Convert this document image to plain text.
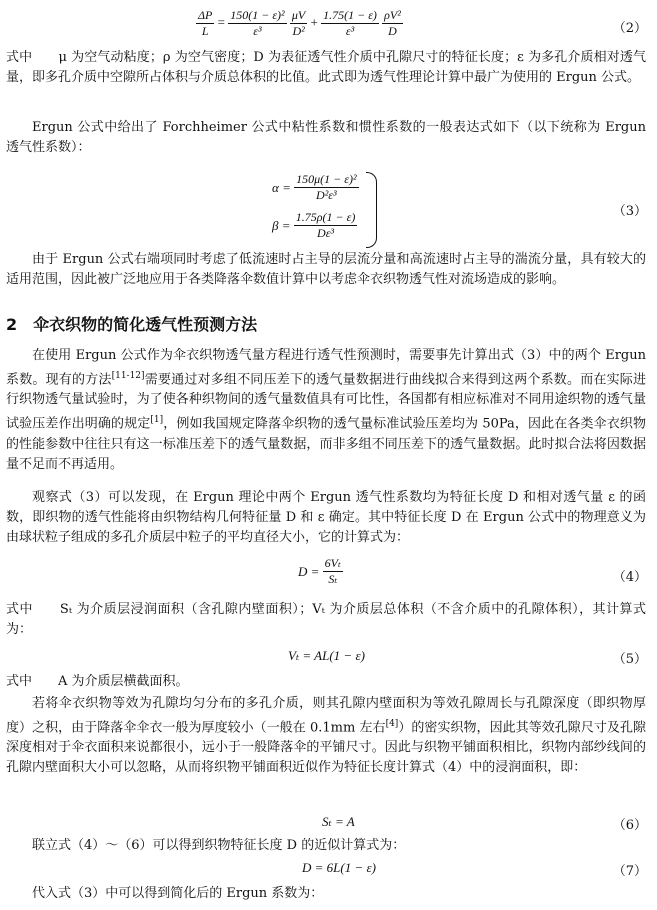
$\frac{\Delta P}{L} = \frac{\text{150(1 − ε)²}}{\text{ε³}}$
$\frac{\mu V}{\text{D²}} + \frac{1.75(1 - \varepsilon)}{\text{ε³}}$
$\frac{\text{ρV²}}{D}$	（2）

式中　　μ 为空气动粘度；ρ 为空气密度；D 为表征透气性介质中孔隙尺寸的特征长度；ε 为多孔介质相对透气量，即多孔介质中空隙所占体积与介质总体积的比值。此式即为透气性理论计算中最广为使用的 Ergun 公式。

Ergun 公式中给出了 Forchheimer 公式中粘性系数和惯性系数的一般表达式如下（以下统称为 Ergun 透气性系数）：

$\alpha = \frac{\text{150μ(1 − ε)²}}{\text{D²ε³}}$
$\beta = \frac{1.75\rho(1 - \varepsilon)}{\text{Dε³}}$	（3）

由于 Ergun 公式右端项同时考虑了低流速时占主导的层流分量和高流速时占主导的湍流分量，具有较大的适用范围，因此被广泛地应用于各类降落伞数值计算中以考虑伞衣织物透气性对流场造成的影响。

2 伞衣织物的简化透气性预测方法

在使用 Ergun 公式作为伞衣织物透气量方程进行透气性预测时，需要事先计算出式（3）中的两个 Ergun 系数。现有的方法[11-12]需要通过对多组不同压差下的透气量数据进行曲线拟合来得到这两个系数。而在实际进行织物透气量试验时，为了使各种织物间的透气量数值具有可比性，各国都有相应标准对不同用途织物的透气量试验压差作出明确的规定[1]，例如我国规定降落伞织物的透气量标准试验压差均为 50Pa，因此在各类伞衣织物的性能参数中往往只有这一标准压差下的透气量数据，而非多组不同压差下的透气量数据。此时拟合法将因数据量不足而不再适用。

观察式（3）可以发现，在 Ergun 理论中两个 Ergun 透气性系数均为特征长度 D 和相对透气量 ε 的函数，即织物的透气性能将由织物结构几何特征量 D 和 ε 确定。其中特征长度 D 在 Ergun 公式中的物理意义为由球状粒子组成的多孔介质层中粒子的平均直径大小，它的计算式为：

$D = \frac{\text{6Vₜ}}{\text{Sₜ}}$	（4）

式中　　Sₜ 为介质层浸润面积（含孔隙内壁面积）；Vₜ 为介质层总体积（不含介质中的孔隙体积），其计算式为：

Vₜ = AL(1 − ε)	（5）

式中　　A 为介质层横截面积。

若将伞衣织物等效为孔隙均匀分布的多孔介质，则其孔隙内壁面积为等效孔隙周长与孔隙深度（即织物厚度）之积，由于降落伞伞衣一般为厚度较小（一般在 0.1mm 左右[4]）的密实织物，因此其等效孔隙尺寸及孔隙深度相对于伞衣面积来说都很小，远小于一般降落伞的平铺尺寸。因此与织物平铺面积相比，织物内部纱线间的孔隙内壁面积大小可以忽略，从而将织物平铺面积近似作为特征长度计算式（4）中的浸润面积，即：

Sₜ = A	（6）

联立式（4）～（6）可以得到织物特征长度 D 的近似计算式为：

D = 6L(1 − ε)	（7）

代入式（3）中可以得到简化后的 Ergun 系数为：
